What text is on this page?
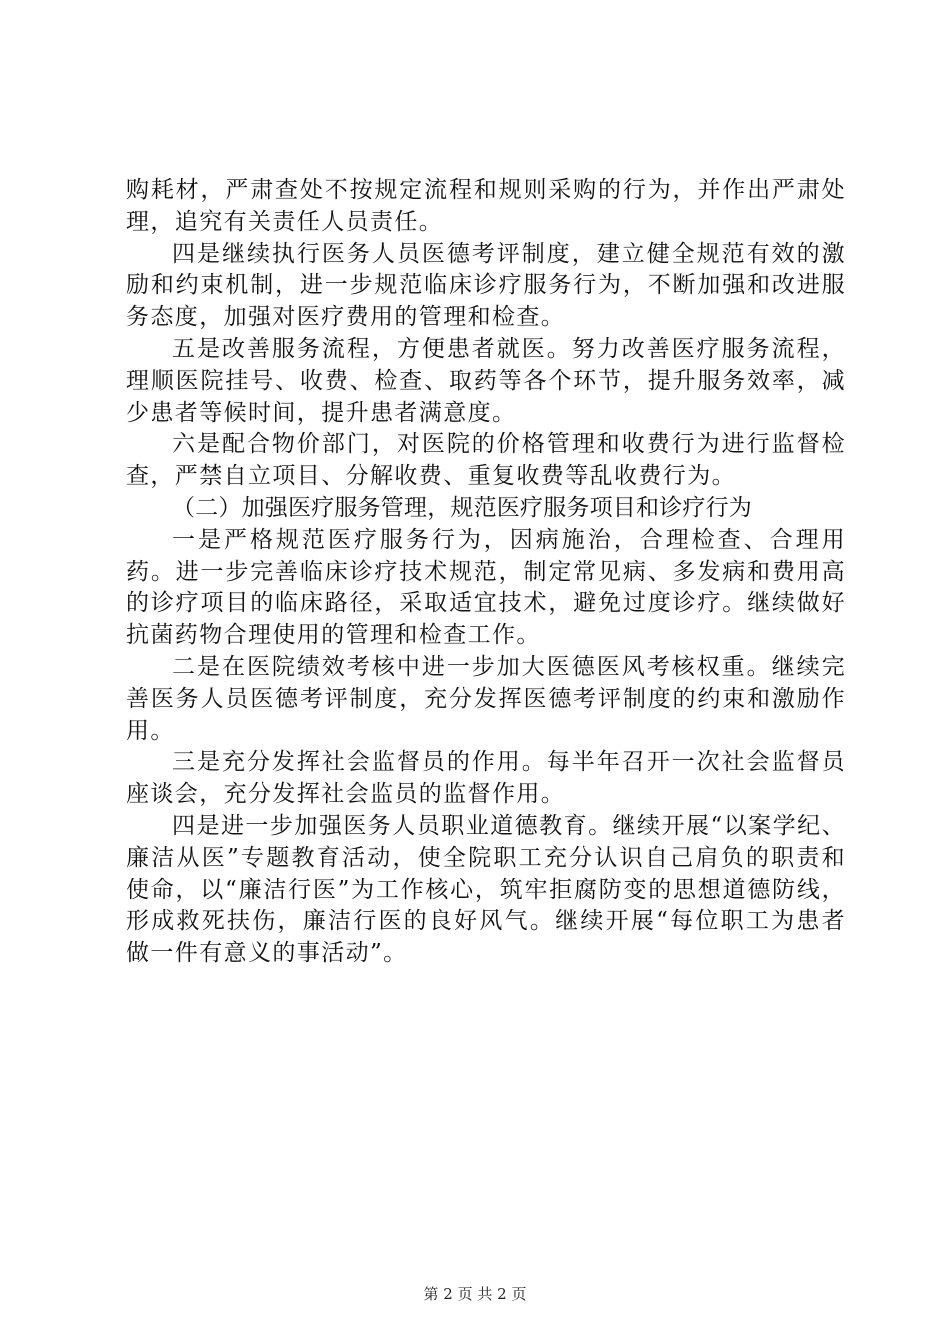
购耗材，严肃查处不按规定流程和规则采购的行为，并作出严肃处理，追究有关责任人员责任。

四是继续执行医务人员医德考评制度，建立健全规范有效的激励和约束机制，进一步规范临床诊疗服务行为，不断加强和改进服务态度，加强对医疗费用的管理和检查。

五是改善服务流程，方便患者就医。努力改善医疗服务流程，理顺医院挂号、收费、检查、取药等各个环节，提升服务效率，减少患者等候时间，提升患者满意度。

六是配合物价部门，对医院的价格管理和收费行为进行监督检查，严禁自立项目、分解收费、重复收费等乱收费行为。

（二）加强医疗服务管理，规范医疗服务项目和诊疗行为

一是严格规范医疗服务行为，因病施治，合理检查、合理用药。进一步完善临床诊疗技术规范，制定常见病、多发病和费用高的诊疗项目的临床路径，采取适宜技术，避免过度诊疗。继续做好抗菌药物合理使用的管理和检查工作。

二是在医院绩效考核中进一步加大医德医风考核权重。继续完善医务人员医德考评制度，充分发挥医德考评制度的约束和激励作用。

三是充分发挥社会监督员的作用。每半年召开一次社会监督员座谈会，充分发挥社会监员的监督作用。

四是进一步加强医务人员职业道德教育。继续开展“以案学纪、廉洁从医”专题教育活动，使全院职工充分认识自己肩负的职责和使命，以“廉洁行医”为工作核心，筑牢拒腐防变的思想道德防线，形成救死扶伤，廉洁行医的良好风气。继续开展“每位职工为患者做一件有意义的事活动”。

第 2 页 共 2 页
